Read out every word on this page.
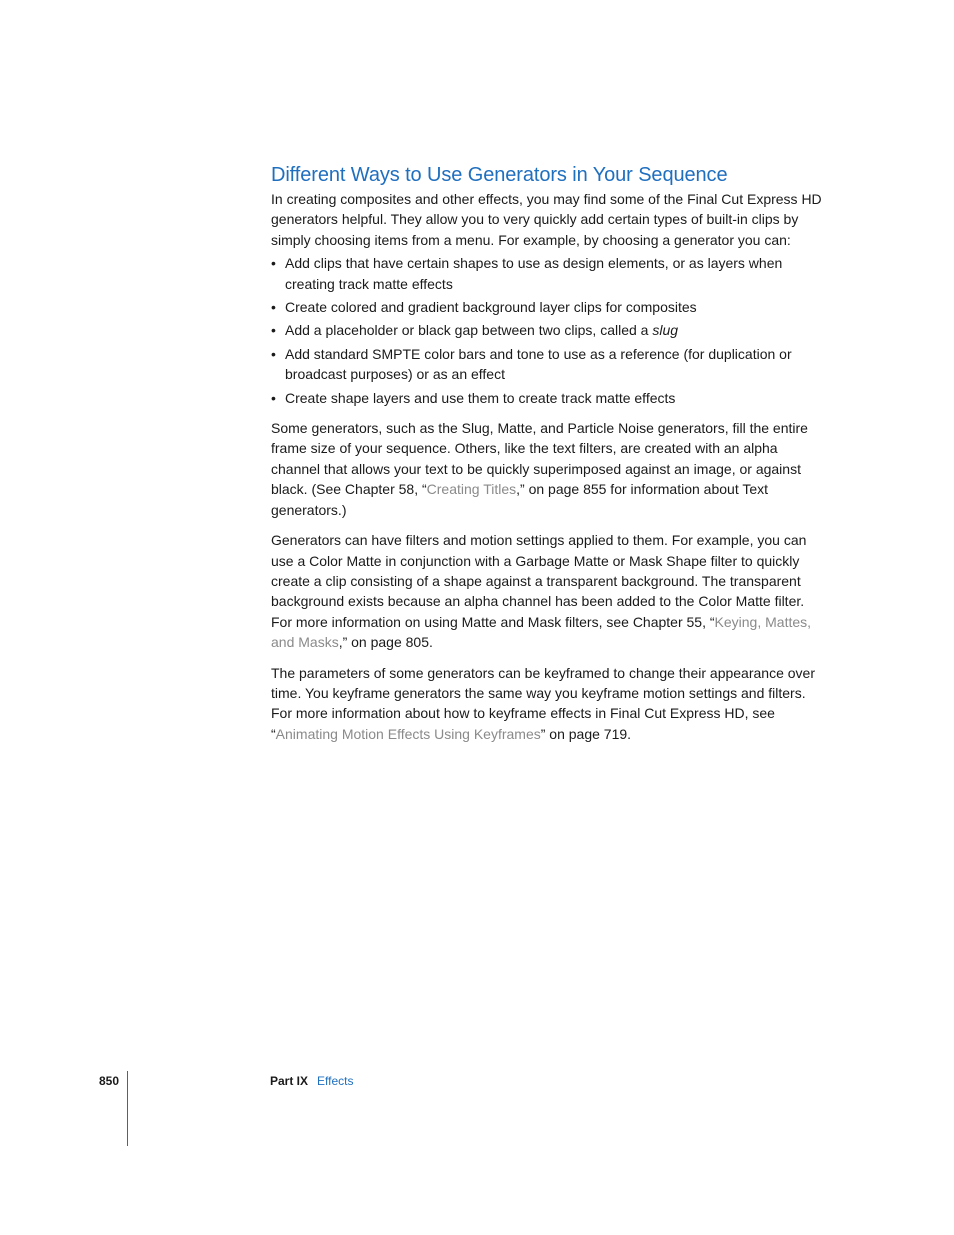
Different Ways to Use Generators in Your Sequence

In creating composites and other effects, you may find some of the Final Cut Express HD generators helpful. They allow you to very quickly add certain types of built-in clips by simply choosing items from a menu. For example, by choosing a generator you can:

• Add clips that have certain shapes to use as design elements, or as layers when creating track matte effects
• Create colored and gradient background layer clips for composites
• Add a placeholder or black gap between two clips, called a slug
• Add standard SMPTE color bars and tone to use as a reference (for duplication or broadcast purposes) or as an effect
• Create shape layers and use them to create track matte effects

Some generators, such as the Slug, Matte, and Particle Noise generators, fill the entire frame size of your sequence. Others, like the text filters, are created with an alpha channel that allows your text to be quickly superimposed against an image, or against black. (See Chapter 58, “Creating Titles,” on page 855 for information about Text generators.)

Generators can have filters and motion settings applied to them. For example, you can use a Color Matte in conjunction with a Garbage Matte or Mask Shape filter to quickly create a clip consisting of a shape against a transparent background. The transparent background exists because an alpha channel has been added to the Color Matte filter. For more information on using Matte and Mask filters, see Chapter 55, “Keying, Mattes, and Masks,” on page 805.

The parameters of some generators can be keyframed to change their appearance over time. You keyframe generators the same way you keyframe motion settings and filters. For more information about how to keyframe effects in Final Cut Express HD, see “Animating Motion Effects Using Keyframes” on page 719.

850	Part IX Effects
